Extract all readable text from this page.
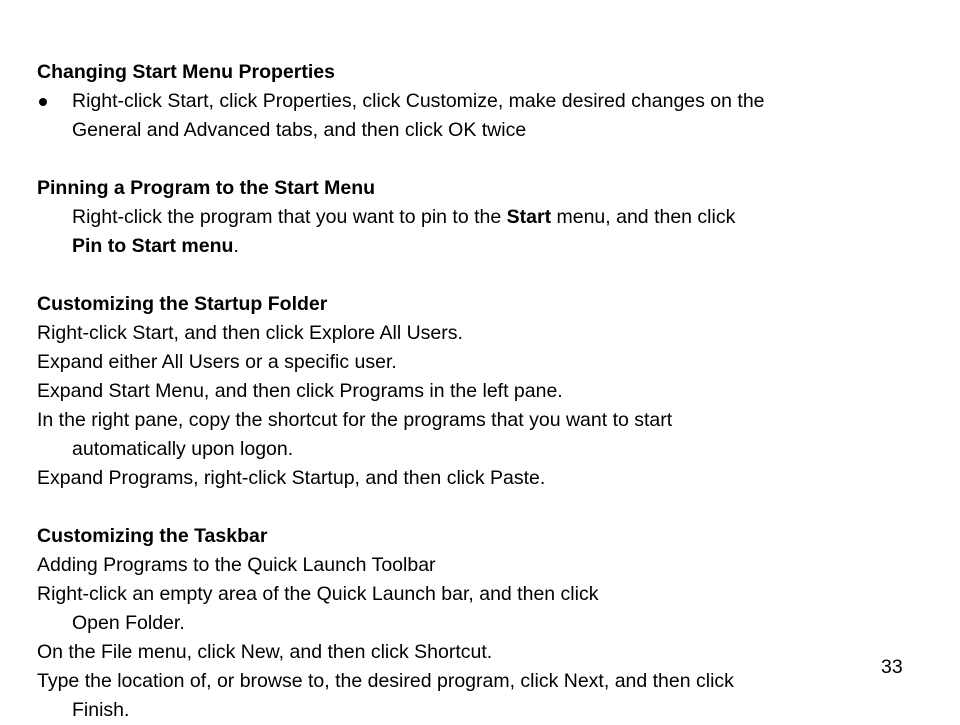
Changing Start Menu Properties
Right-click Start, click Properties, click Customize, make desired changes on the
General and Advanced tabs, and then click OK twice
Pinning a Program to the Start Menu
Right-click the program that you want to pin to the Start menu, and then click
Pin to Start menu.
Customizing the Startup Folder
Right-click Start, and then click Explore All Users.
Expand either All Users or a specific user.
Expand Start Menu, and then click Programs in the left pane.
In the right pane, copy the shortcut for the programs that you want to start
automatically upon logon.
Expand Programs, right-click Startup, and then click Paste.
Customizing the Taskbar
Adding Programs to the Quick Launch Toolbar
Right-click an empty area of the Quick Launch bar, and then click
Open Folder.
On the File menu, click New, and then click Shortcut.
Type the location of, or browse to, the desired program, click Next, and then click
Finish.
33
